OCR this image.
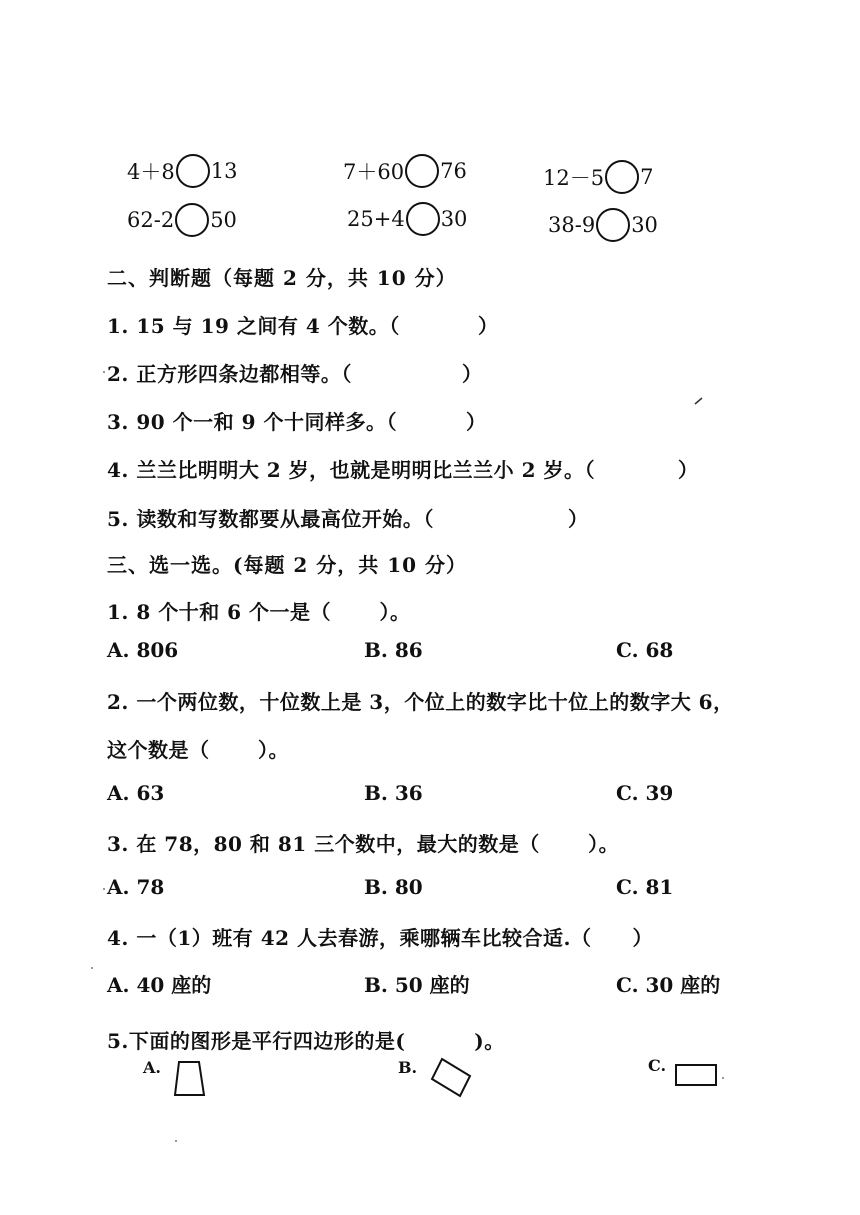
4＋8 13	7＋60 76	12－5 7
62-2 50	25+4 30	38-9 30
二、判断题（每题 2 分，共 10 分）
1. 15 与 19 之间有 4 个数。（	）
2. 正方形四条边都相等。（	）
3. 90 个一和 9 个十同样多。（	）
4. 兰兰比明明大 2 岁，也就是明明比兰兰小 2 岁。（	）
5. 读数和写数都要从最高位开始。（	）
三、选一选。(每题 2 分，共 10 分）
1. 8 个十和 6 个一是（　　 ）。
A. 806	B. 86	C. 68
2. 一个两位数，十位数上是 3，个位上的数字比十位上的数字大 6，
这个数是（　　 ）。
A. 63	B. 36	C. 39
3. 在 78，80 和 81 三个数中，最大的数是（　　 ）。
A. 78	B. 80	C. 81
4. 一（1）班有 42 人去春游，乘哪辆车比较合适.（　　）
A. 40 座的	B. 50 座的	C. 30 座的
5.下面的图形是平行四边形的是(　　　 )。
A.	B.	C.
